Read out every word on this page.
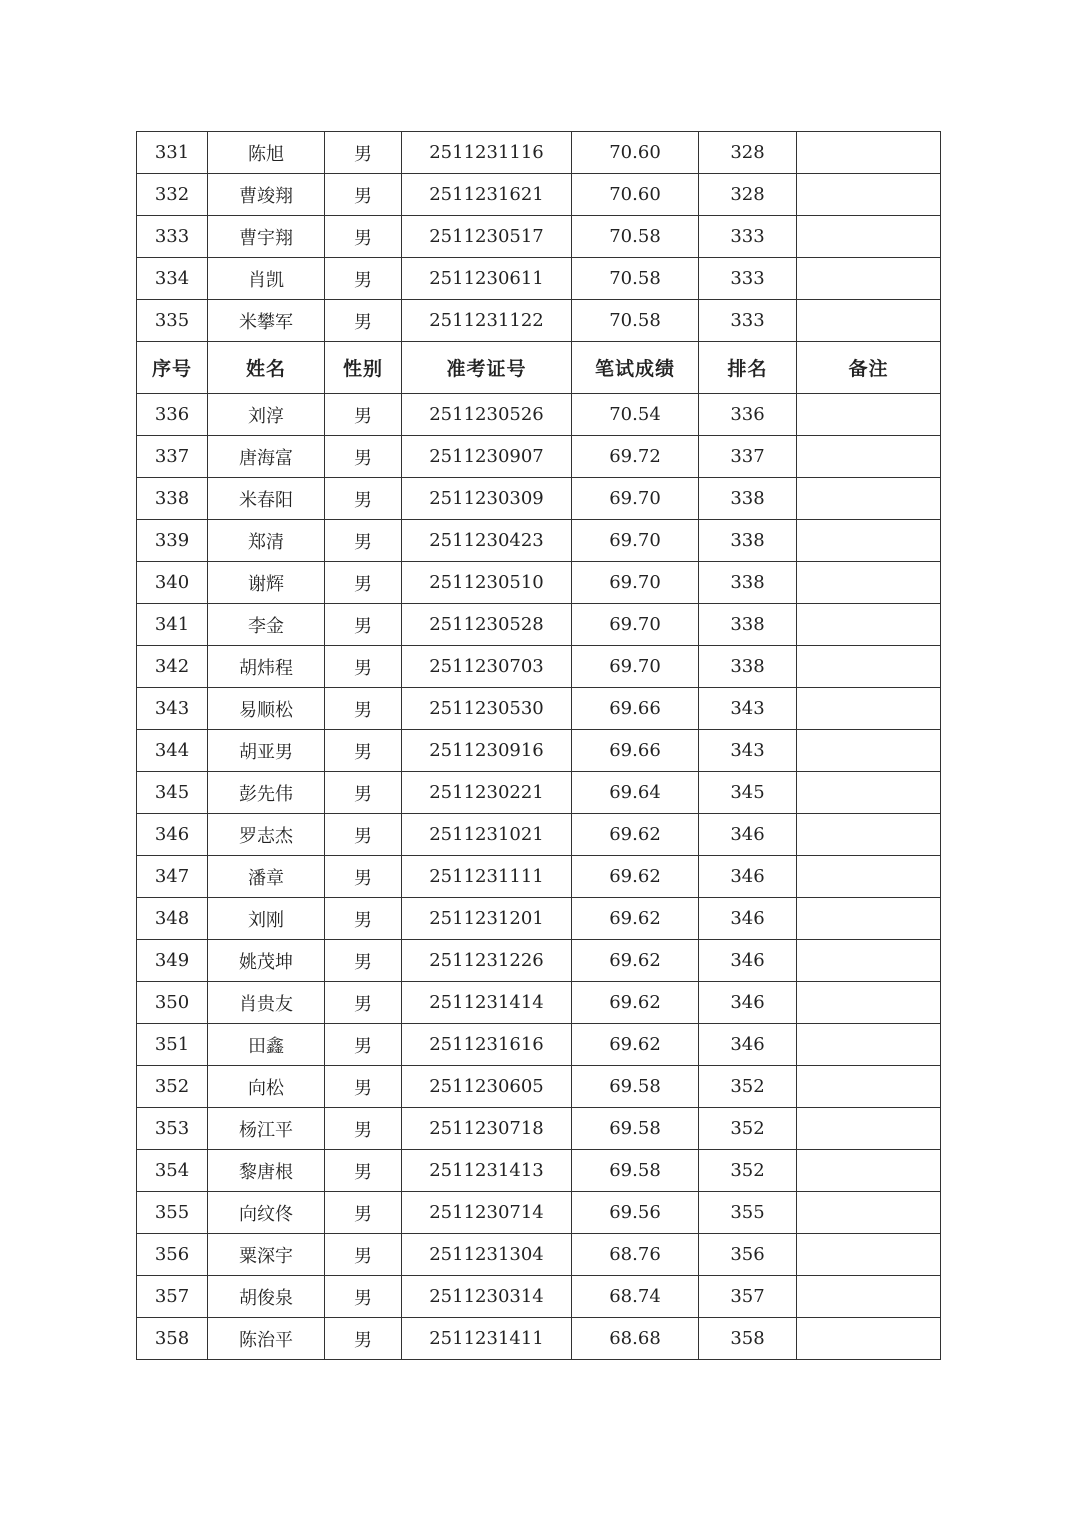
331	陈旭	男	2511231116	70.60	328	
332	曹竣翔	男	2511231621	70.60	328	
333	曹宇翔	男	2511230517	70.58	333	
334	肖凯	男	2511230611	70.58	333	
335	米攀军	男	2511231122	70.58	333	
序号	姓名	性别	准考证号	笔试成绩	排名	备注
336	刘淳	男	2511230526	70.54	336	
337	唐海富	男	2511230907	69.72	337	
338	米春阳	男	2511230309	69.70	338	
339	郑清	男	2511230423	69.70	338	
340	谢辉	男	2511230510	69.70	338	
341	李金	男	2511230528	69.70	338	
342	胡炜程	男	2511230703	69.70	338	
343	易顺松	男	2511230530	69.66	343	
344	胡亚男	男	2511230916	69.66	343	
345	彭先伟	男	2511230221	69.64	345	
346	罗志杰	男	2511231021	69.62	346	
347	潘章	男	2511231111	69.62	346	
348	刘刚	男	2511231201	69.62	346	
349	姚茂坤	男	2511231226	69.62	346	
350	肖贵友	男	2511231414	69.62	346	
351	田鑫	男	2511231616	69.62	346	
352	向松	男	2511230605	69.58	352	
353	杨江平	男	2511230718	69.58	352	
354	黎唐根	男	2511231413	69.58	352	
355	向纹佟	男	2511230714	69.56	355	
356	粟深宇	男	2511231304	68.76	356	
357	胡俊泉	男	2511230314	68.74	357	
358	陈治平	男	2511231411	68.68	358	
